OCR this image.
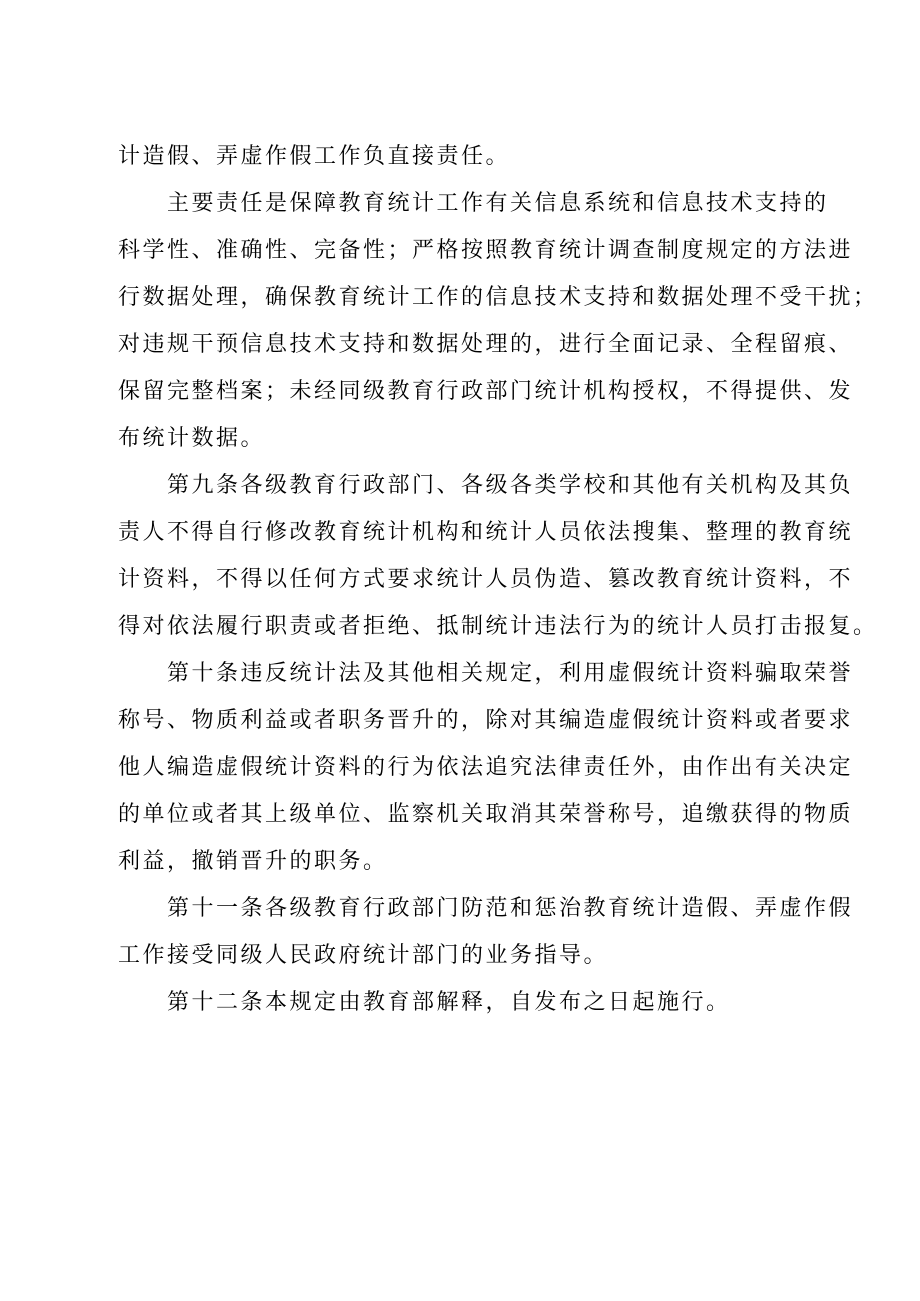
计造假、弄虚作假工作负直接责任。
主要责任是保障教育统计工作有关信息系统和信息技术支持的
科学性、准确性、完备性；严格按照教育统计调查制度规定的方法进
行数据处理，确保教育统计工作的信息技术支持和数据处理不受干扰；
对违规干预信息技术支持和数据处理的，进行全面记录、全程留痕、
保留完整档案；未经同级教育行政部门统计机构授权，不得提供、发
布统计数据。
第九条各级教育行政部门、各级各类学校和其他有关机构及其负
责人不得自行修改教育统计机构和统计人员依法搜集、整理的教育统
计资料，不得以任何方式要求统计人员伪造、篡改教育统计资料，不
得对依法履行职责或者拒绝、抵制统计违法行为的统计人员打击报复。
第十条违反统计法及其他相关规定，利用虚假统计资料骗取荣誉
称号、物质利益或者职务晋升的，除对其编造虚假统计资料或者要求
他人编造虚假统计资料的行为依法追究法律责任外，由作出有关决定
的单位或者其上级单位、监察机关取消其荣誉称号，追缴获得的物质
利益，撤销晋升的职务。
第十一条各级教育行政部门防范和惩治教育统计造假、弄虚作假
工作接受同级人民政府统计部门的业务指导。
第十二条本规定由教育部解释，自发布之日起施行。
